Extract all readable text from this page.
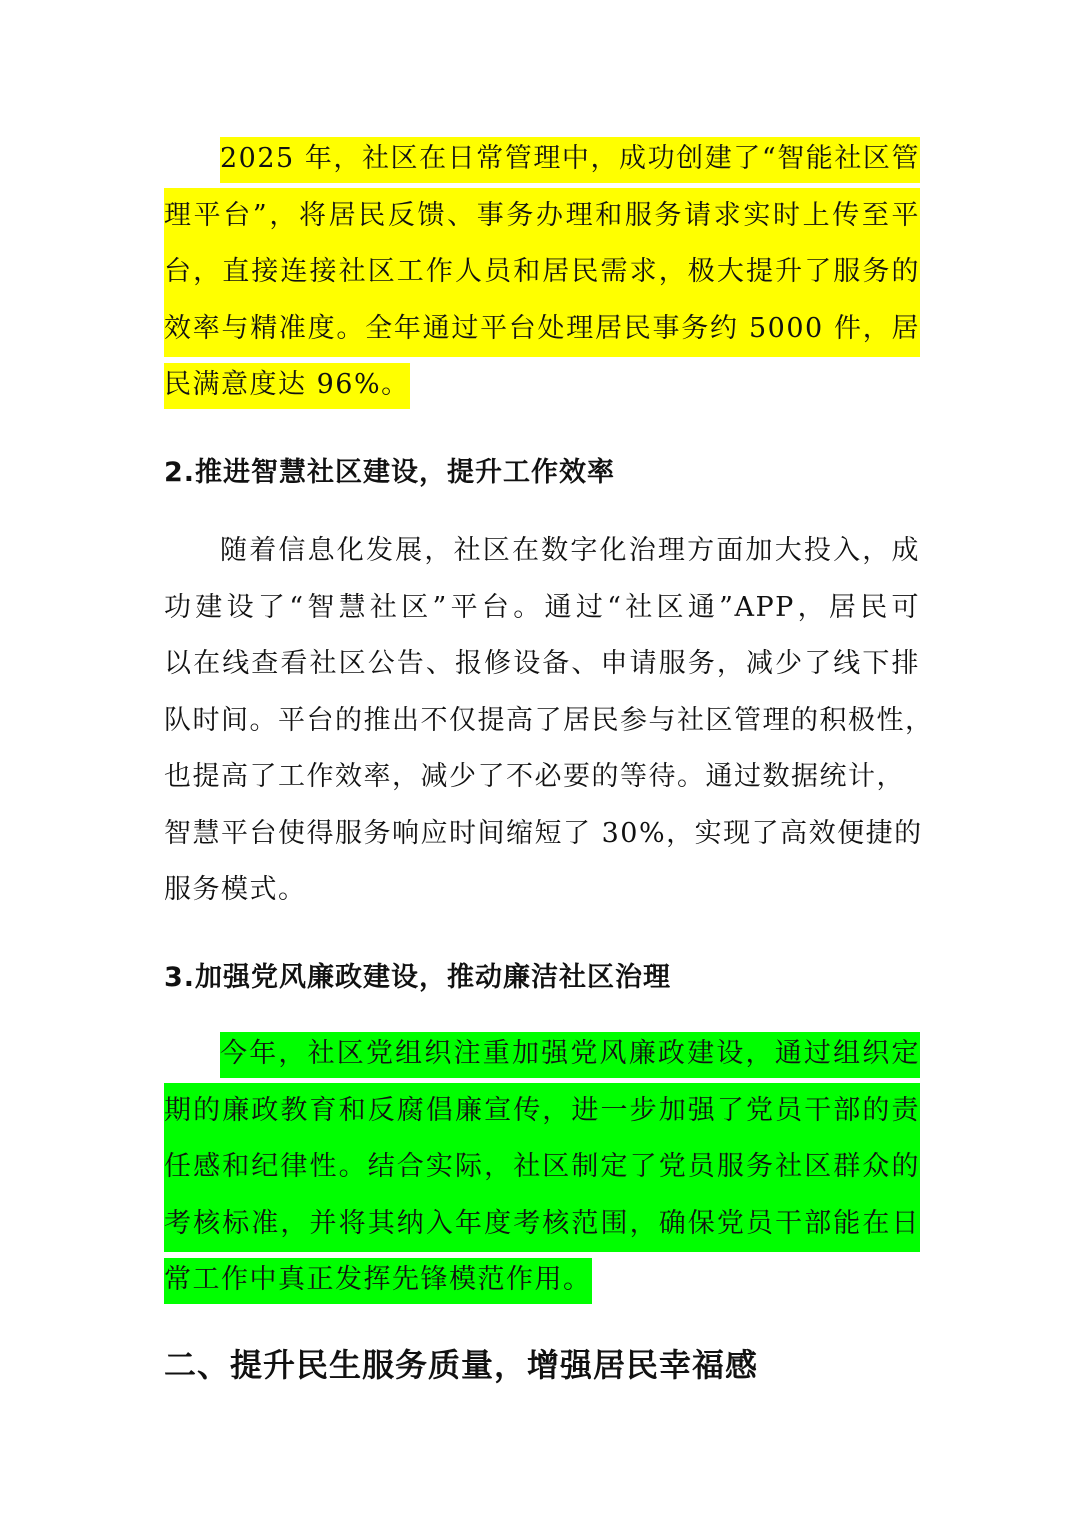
2025 年，社区在日常管理中，成功创建了“智能社区管
理平台”，将居民反馈、事务办理和服务请求实时上传至平
台，直接连接社区工作人员和居民需求，极大提升了服务的
效率与精准度。全年通过平台处理居民事务约 5000 件，居
民满意度达 96%。
2.推进智慧社区建设，提升工作效率
随着信息化发展，社区在数字化治理方面加大投入，成
功建设了“智慧社区”平台。通过“社区通”APP，居民可
以在线查看社区公告、报修设备、申请服务，减少了线下排
队时间。平台的推出不仅提高了居民参与社区管理的积极性，
也提高了工作效率，减少了不必要的等待。通过数据统计，
智慧平台使得服务响应时间缩短了 30%，实现了高效便捷的
服务模式。
3.加强党风廉政建设，推动廉洁社区治理
今年，社区党组织注重加强党风廉政建设，通过组织定
期的廉政教育和反腐倡廉宣传，进一步加强了党员干部的责
任感和纪律性。结合实际，社区制定了党员服务社区群众的
考核标准，并将其纳入年度考核范围，确保党员干部能在日
常工作中真正发挥先锋模范作用。
二、提升民生服务质量，增强居民幸福感
